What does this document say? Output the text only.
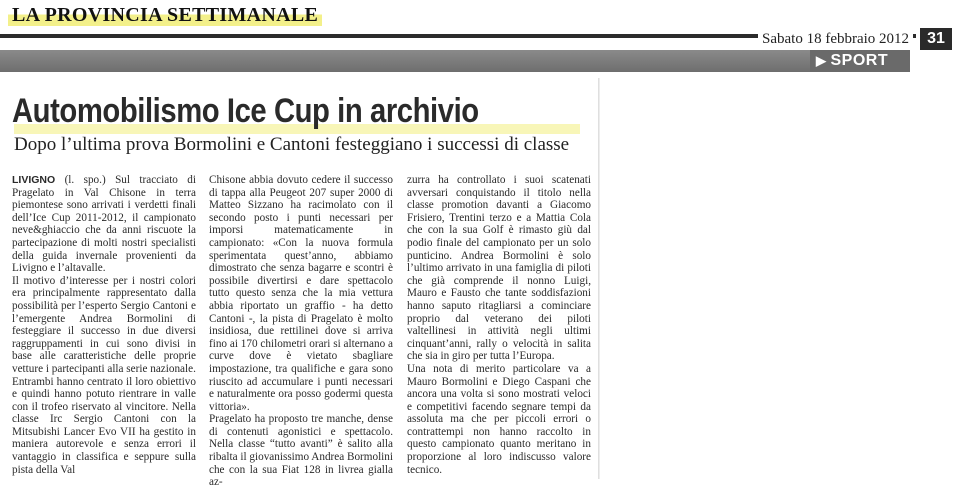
LA PROVINCIA SETTIMANALE
Sabato 18 febbraio 2012	31
▶ SPORT
Automobilismo Ice Cup in archivio
Dopo l’ultima prova Bormolini e Cantoni festeggiano i successi di classe

LIVIGNO (l. spo.) Sul tracciato di Pragelato in Val Chisone in terra piemontese sono arrivati i verdetti finali dell’Ice Cup 2011-2012, il campionato neve&ghiaccio che da anni riscuote la partecipazione di molti nostri specialisti della guida invernale provenienti da Livigno e l’altavalle.

Il motivo d’interesse per i nostri colori era principalmente rappresentato dalla possibilità per l’esperto Sergio Cantoni e l’emergente Andrea Bormolini di festeggiare il successo in due diversi raggruppamenti in cui sono divisi in base alle caratteristiche delle proprie vetture i partecipanti alla serie nazionale.

Entrambi hanno centrato il loro obiettivo e quindi hanno potuto rientrare in valle con il trofeo riservato al vincitore. Nella classe Irc Sergio Cantoni con la Mitsubishi Lancer Evo VII ha gestito in maniera autorevole e senza errori il vantaggio in classifica e seppure sulla pista della Val

Chisone abbia dovuto cedere il successo di tappa alla Peugeot 207 super 2000 di Matteo Sizzano ha racimolato con il secondo posto i punti necessari per imporsi matematicamente in campionato: «Con la nuova formula sperimentata quest’anno, abbiamo dimostrato che senza bagarre e scontri è possibile divertirsi e dare spettacolo tutto questo senza che la mia vettura abbia riportato un graffio - ha detto Cantoni -, la pista di Pragelato è molto insidiosa, due rettilinei dove si arriva fino ai 170 chilometri orari si alternano a curve dove è vietato sbagliare impostazione, tra qualifiche e gara sono riuscito ad accumulare i punti necessari e naturalmente ora posso godermi questa vittoria».

Pragelato ha proposto tre manche, dense di contenuti agonistici e spettacolo. Nella classe “tutto avanti” è salito alla ribalta il giovanissimo Andrea Bormolini che con la sua Fiat 128 in livrea gialla az-

zurra ha controllato i suoi scatenati avversari conquistando il titolo nella classe promotion davanti a Giacomo Frisiero, Trentini terzo e a Mattia Cola che con la sua Golf è rimasto giù dal podio finale del campionato per un solo punticino. Andrea Bormolini è solo l’ultimo arrivato in una famiglia di piloti che già comprende il nonno Luigi, Mauro e Fausto che tante soddisfazioni hanno saputo ritagliarsi a cominciare proprio dal veterano dei piloti valtellinesi in attività negli ultimi cinquant’anni, rally o velocità in salita che sia in giro per tutta l’Europa.

Una nota di merito particolare va a Mauro Bormolini e Diego Caspani che ancora una volta si sono mostrati veloci e competitivi facendo segnare tempi da assoluta ma che per piccoli errori o contrattempi non hanno raccolto in questo campionato quanto meritano in proporzione al loro indiscusso valore tecnico.
